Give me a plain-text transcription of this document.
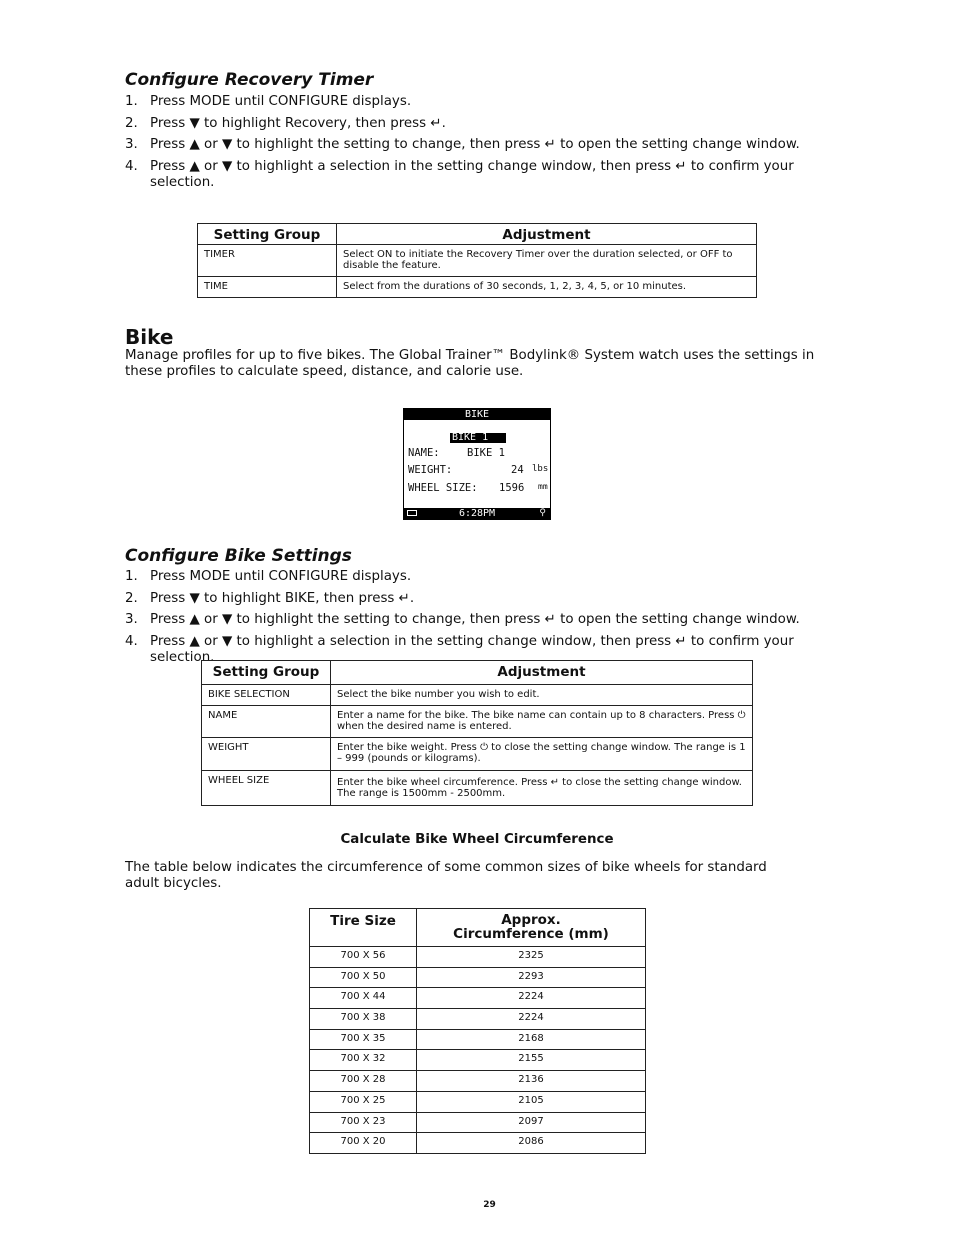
Configure Recovery Timer
1. Press MODE until CONFIGURE displays.
2. Press ▼ to highlight Recovery, then press ↵.
3. Press ▲ or ▼ to highlight the setting to change, then press ↵ to open the setting change window.
4. Press ▲ or ▼ to highlight a selection in the setting change window, then press ↵ to confirm your selection.
Setting Group	Adjustment
TIMER	Select ON to initiate the Recovery Timer over the duration selected, or OFF to disable the feature.
TIME	Select from the durations of 30 seconds, 1, 2, 3, 4, 5, or 10 minutes.
Bike

Manage profiles for up to five bikes. The Global Trainer™ Bodylink® System watch uses the settings in these profiles to calculate speed, distance, and calorie use.

BIKE
BIKE 1
NAME:	BIKE 1
WEIGHT:	24 lbs
WHEEL SIZE: 1596 mm
6:28PM	⚲
Configure Bike Settings
1. Press MODE until CONFIGURE displays.
2. Press ▼ to highlight BIKE, then press ↵.
3. Press ▲ or ▼ to highlight the setting to change, then press ↵ to open the setting change window.
4. Press ▲ or ▼ to highlight a selection in the setting change window, then press ↵ to confirm your selection.
Setting Group	Adjustment
BIKE SELECTION	Select the bike number you wish to edit.
NAME	Enter a name for the bike. The bike name can contain up to 8 characters. Press ⏻ when the desired name is entered.
WEIGHT	Enter the bike weight. Press ⏻ to close the setting change window. The range is 1 – 999 (pounds or kilograms).
WHEEL SIZE	Enter the bike wheel circumference. Press ↵ to close the setting change window. The range is 1500mm - 2500mm.
Calculate Bike Wheel Circumference

The table below indicates the circumference of some common sizes of bike wheels for standard adult bicycles.

Tire Size	Approx.
Circumference (mm)

700 X 56	2325
700 X 50	2293
700 X 44	2224
700 X 38	2224
700 X 35	2168
700 X 32	2155
700 X 28	2136
700 X 25	2105
700 X 23	2097
700 X 20	2086
29
